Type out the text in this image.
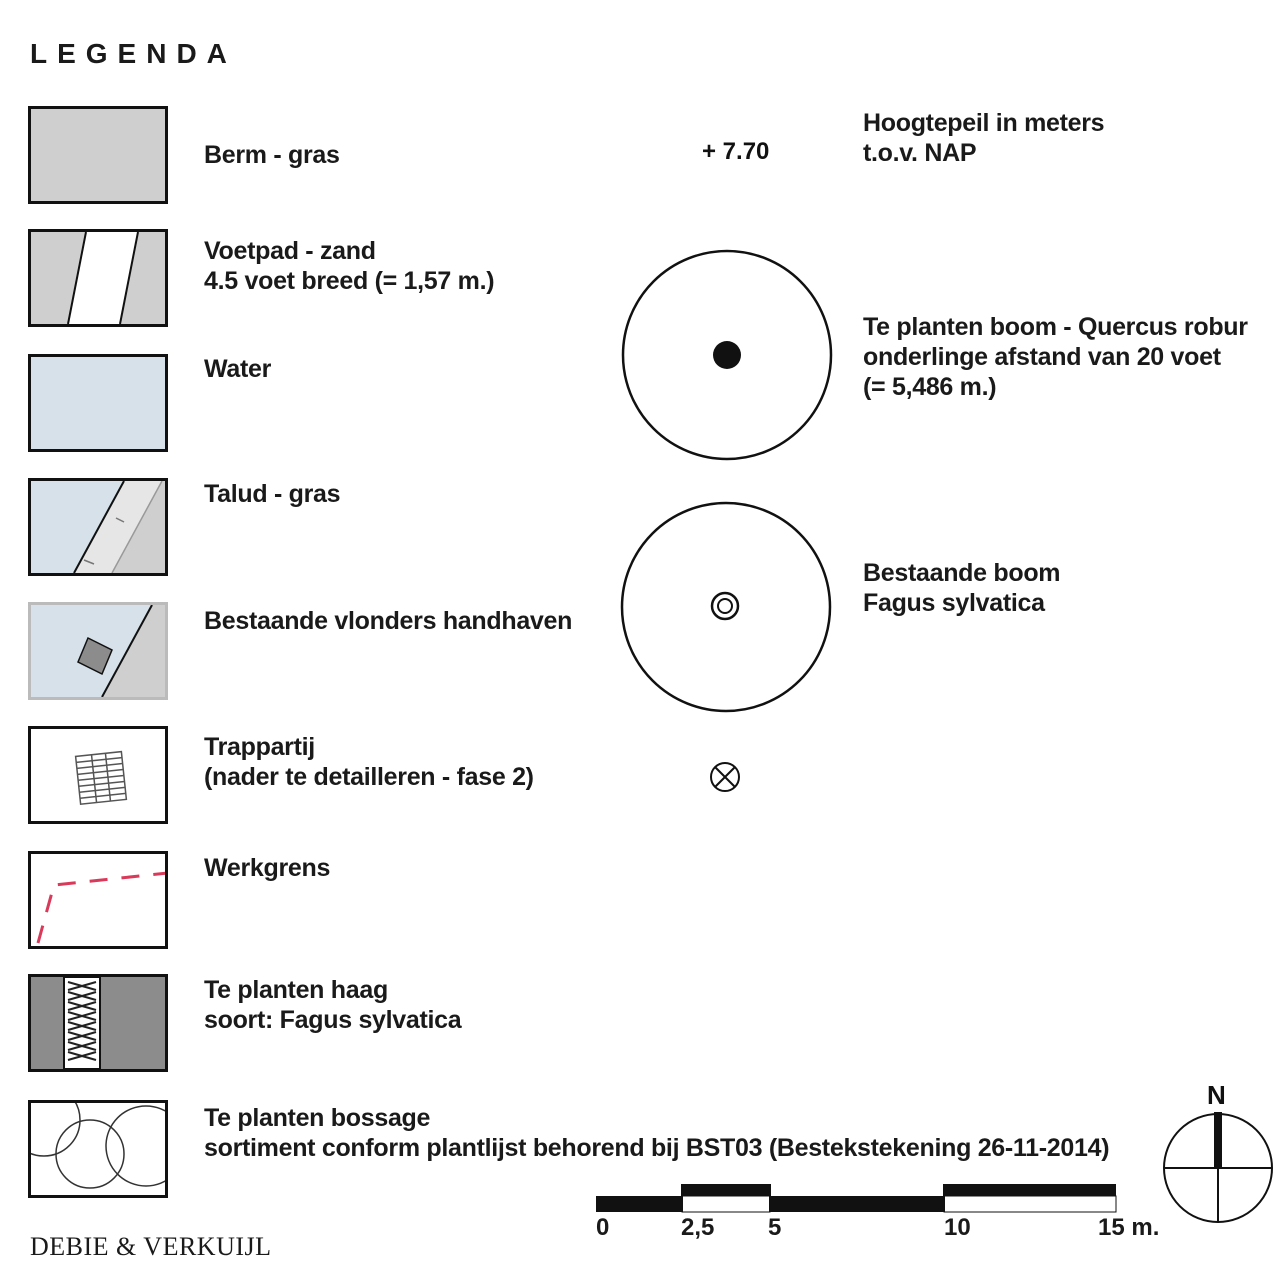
LEGENDA
Berm - gras
Voetpad - zand
4.5 voet breed (= 1,57 m.)
Water
Talud - gras
Bestaande vlonders handhaven
Trappartij
(nader te detailleren - fase 2)
Werkgrens
Te planten haag
soort: Fagus sylvatica
Te planten bossage
sortiment conform plantlijst behorend bij BST03 (Bestekstekening 26-11-2014)
+ 7.70
Hoogtepeil in meters
t.o.v. NAP
Te planten boom - Quercus robur
onderlinge afstand van 20 voet
(= 5,486 m.)
Bestaande boom
Fagus sylvatica
0	2,5 5	10	15 m.
N
DEBIE & VERKUIJL
